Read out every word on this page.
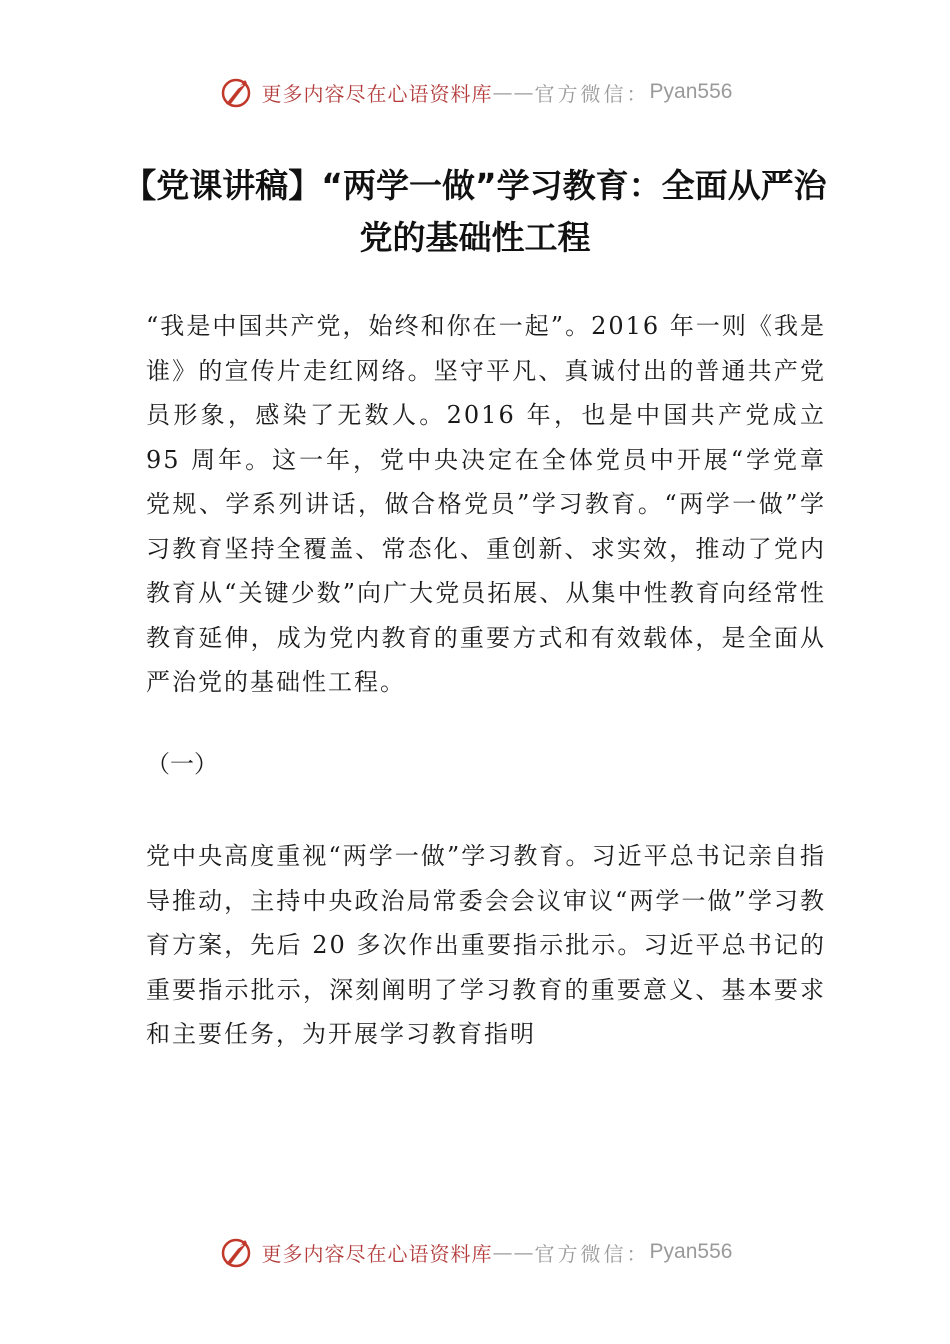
更多内容尽在心语资料库 —— 官方微信： Pyan556
【党课讲稿】“两学一做”学习教育：全面从严治党的基础性工程

“我是中国共产党，始终和你在一起”。2016 年一则《我是谁》的宣传片走红网络。坚守平凡、真诚付出的普通共产党员形象，感染了无数人。2016 年，也是中国共产党成立 95 周年。这一年，党中央决定在全体党员中开展“学党章党规、学系列讲话，做合格党员”学习教育。“两学一做”学习教育坚持全覆盖、常态化、重创新、求实效，推动了党内教育从“关键少数”向广大党员拓展、从集中性教育向经常性教育延伸，成为党内教育的重要方式和有效载体，是全面从严治党的基础性工程。

（一）

党中央高度重视“两学一做”学习教育。习近平总书记亲自指导推动，主持中央政治局常委会会议审议“两学一做”学习教育方案，先后 20 多次作出重要指示批示。习近平总书记的重要指示批示，深刻阐明了学习教育的重要意义、基本要求和主要任务，为开展学习教育指明

更多内容尽在心语资料库 —— 官方微信： Pyan556
